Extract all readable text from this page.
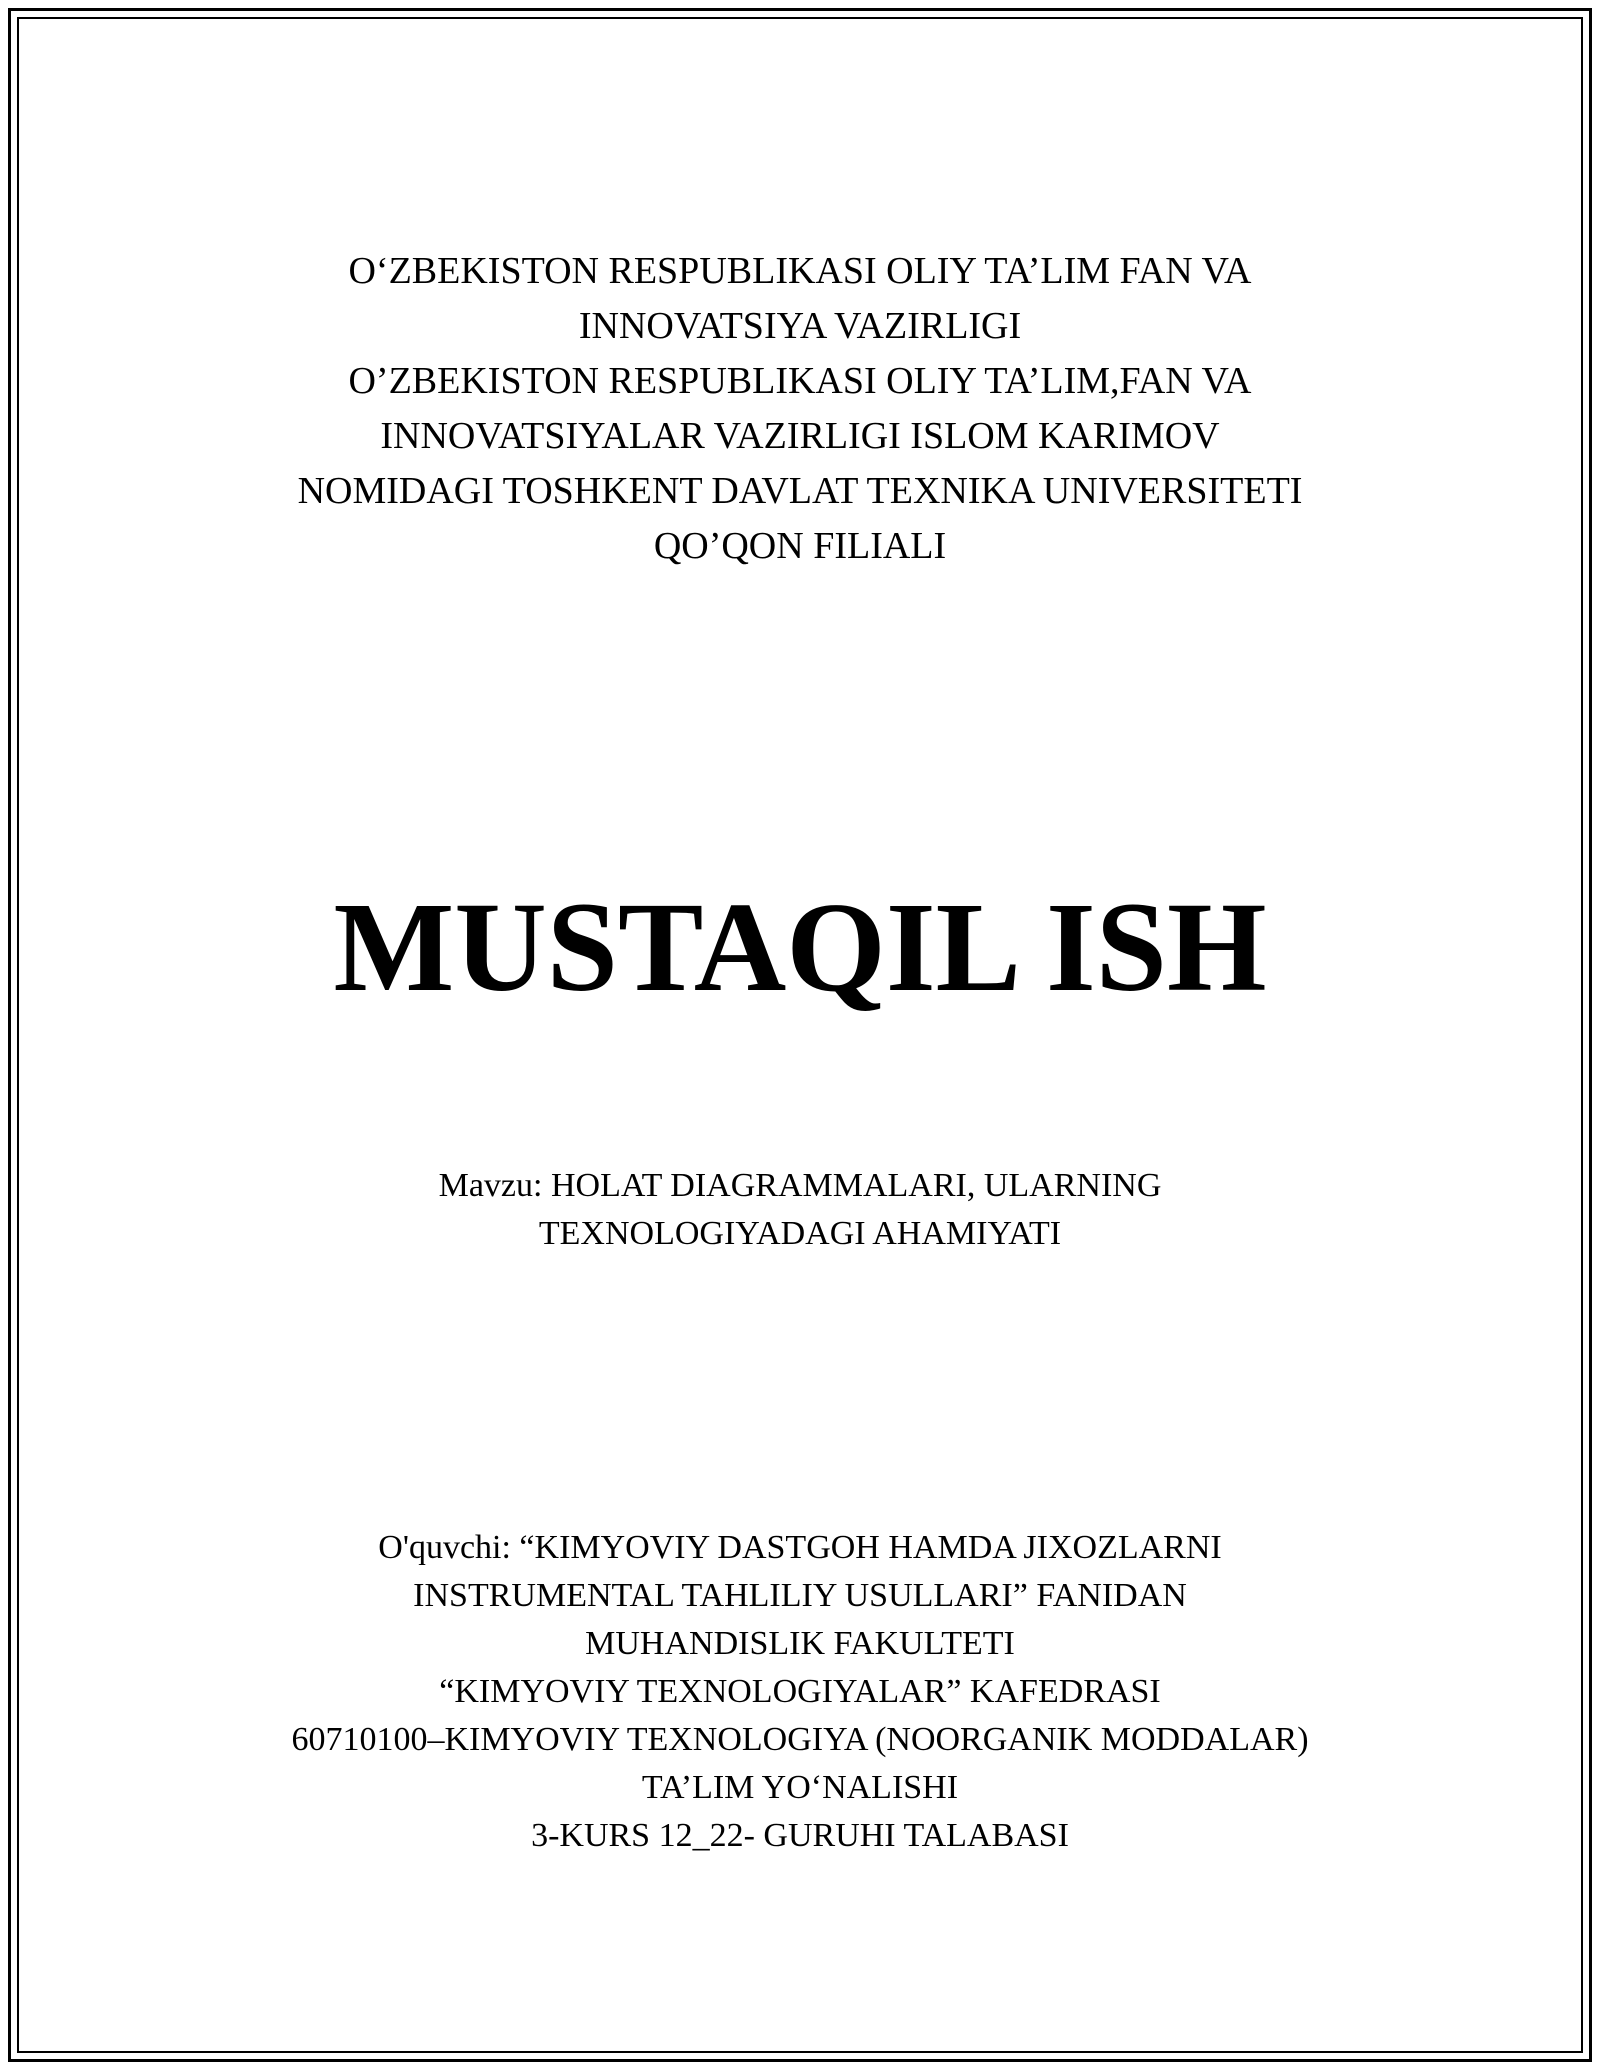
O‘ZBEKISTON RESPUBLIKASI OLIY TA’LIM FAN VA
INNOVATSIYA VAZIRLIGI
O’ZBEKISTON RESPUBLIKASI OLIY TA’LIM,FAN VA
INNOVATSIYALAR VAZIRLIGI ISLOM KARIMOV
NOMIDAGI TOSHKENT DAVLAT TEXNIKA UNIVERSITETI
QO’QON FILIALI
MUSTAQIL ISH
Mavzu: HOLAT DIAGRAMMALARI, ULARNING
TEXNOLOGIYADAGI AHAMIYATI
O'quvchi: “KIMYOVIY DASTGOH HAMDA JIXOZLARNI
INSTRUMENTAL TAHLILIY USULLARI” FANIDAN
MUHANDISLIK FAKULTETI
“KIMYOVIY TEXNOLOGIYALAR” KAFEDRASI
60710100–KIMYOVIY TEXNOLOGIYA (NOORGANIK MODDALAR)
TA’LIM YO‘NALISHI
3-KURS 12_22- GURUHI TALABASI
